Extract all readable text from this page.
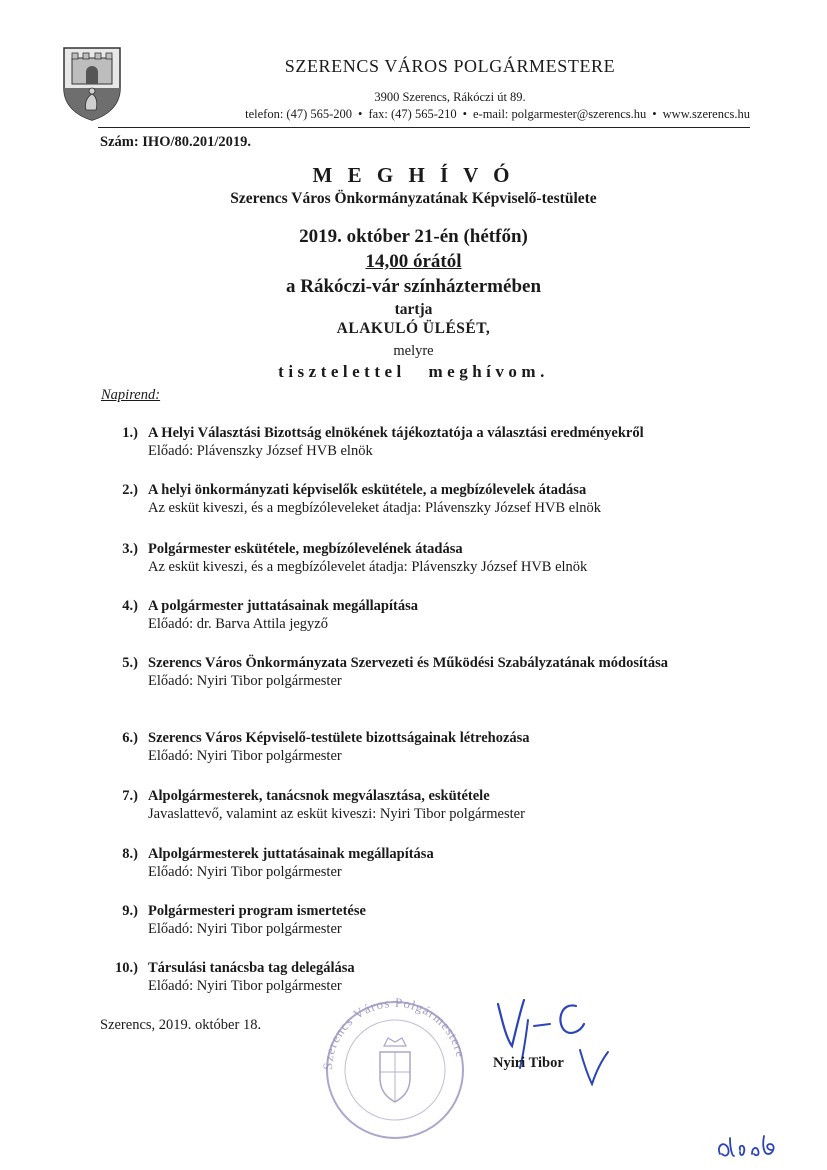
SZERENCS VÁROS POLGÁRMESTERE
3900 Szerencs, Rákóczi út 89.
telefon: (47) 565-200 • fax: (47) 565-210 • e-mail: polgarmester@szerencs.hu • www.szerencs.hu
Szám: IHO/80.201/2019.
M E G H Í V Ó
Szerencs Város Önkormányzatának Képviselő-testülete
2019. október 21-én (hétfőn)
14,00 órától
a Rákóczi-vár színháztermében
tartja
ALAKULÓ ÜLÉSÉT,
melyre
tisztelettel meghívom.
Napirend:
1.) A Helyi Választási Bizottság elnökének tájékoztatója a választási eredményekről
Előadó: Plávenszky József HVB elnök
2.) A helyi önkormányzati képviselők eskütétele, a megbízólevelek átadása
Az esküt kiveszi, és a megbízóleveleket átadja: Plávenszky József HVB elnök
3.) Polgármester eskütétele, megbízólevelének átadása
Az esküt kiveszi, és a megbízólevelet átadja: Plávenszky József HVB elnök
4.) A polgármester juttatásainak megállapítása
Előadó: dr. Barva Attila jegyző
5.) Szerencs Város Önkormányzata Szervezeti és Működési Szabályzatának módosítása
Előadó: Nyiri Tibor polgármester
6.) Szerencs Város Képviselő-testülete bizottságainak létrehozása
Előadó: Nyiri Tibor polgármester
7.) Alpolgármesterek, tanácsnok megválasztása, eskütétele
Javaslattevő, valamint az esküt kiveszi: Nyiri Tibor polgármester
8.) Alpolgármesterek juttatásainak megállapítása
Előadó: Nyiri Tibor polgármester
9.) Polgármesteri program ismertetése
Előadó: Nyiri Tibor polgármester
10.) Társulási tanácsba tag delegálása
Előadó: Nyiri Tibor polgármester
Szerencs, 2019. október 18.
Szerencs Város Polgármestere
Nyiri Tibor
